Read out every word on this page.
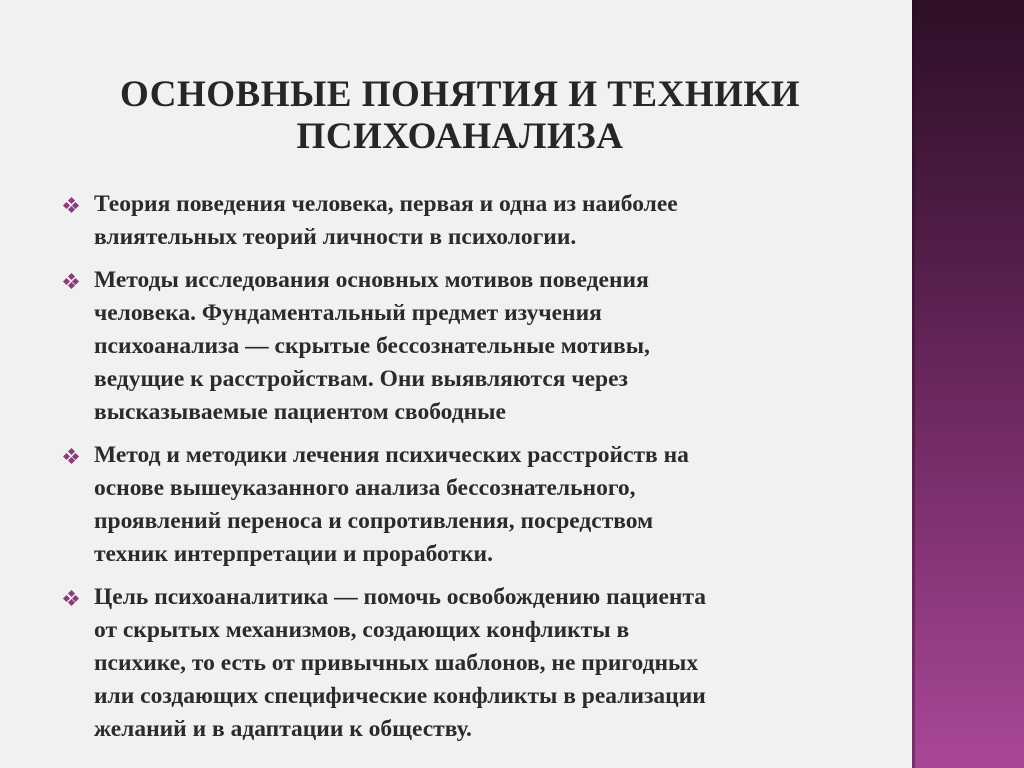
ОСНОВНЫЕ ПОНЯТИЯ И ТЕХНИКИ
ПСИХОАНАЛИЗА
Теория поведения человека, первая и одна из наиболее
влиятельных теорий личности в психологии.
Методы исследования основных мотивов поведения
человека. Фундаментальный предмет изучения
психоанализа — скрытые бессознательные мотивы,
ведущие к расстройствам. Они выявляются через
высказываемые пациентом свободные
Метод и методики лечения психических расстройств на
основе вышеуказанного анализа бессознательного,
проявлений переноса и сопротивления, посредством
техник интерпретации и проработки.
Цель психоаналитика — помочь освобождению пациента
от скрытых механизмов, создающих конфликты в
психике, то есть от привычных шаблонов, не пригодных
или создающих специфические конфликты в реализации
желаний и в адаптации к обществу.
